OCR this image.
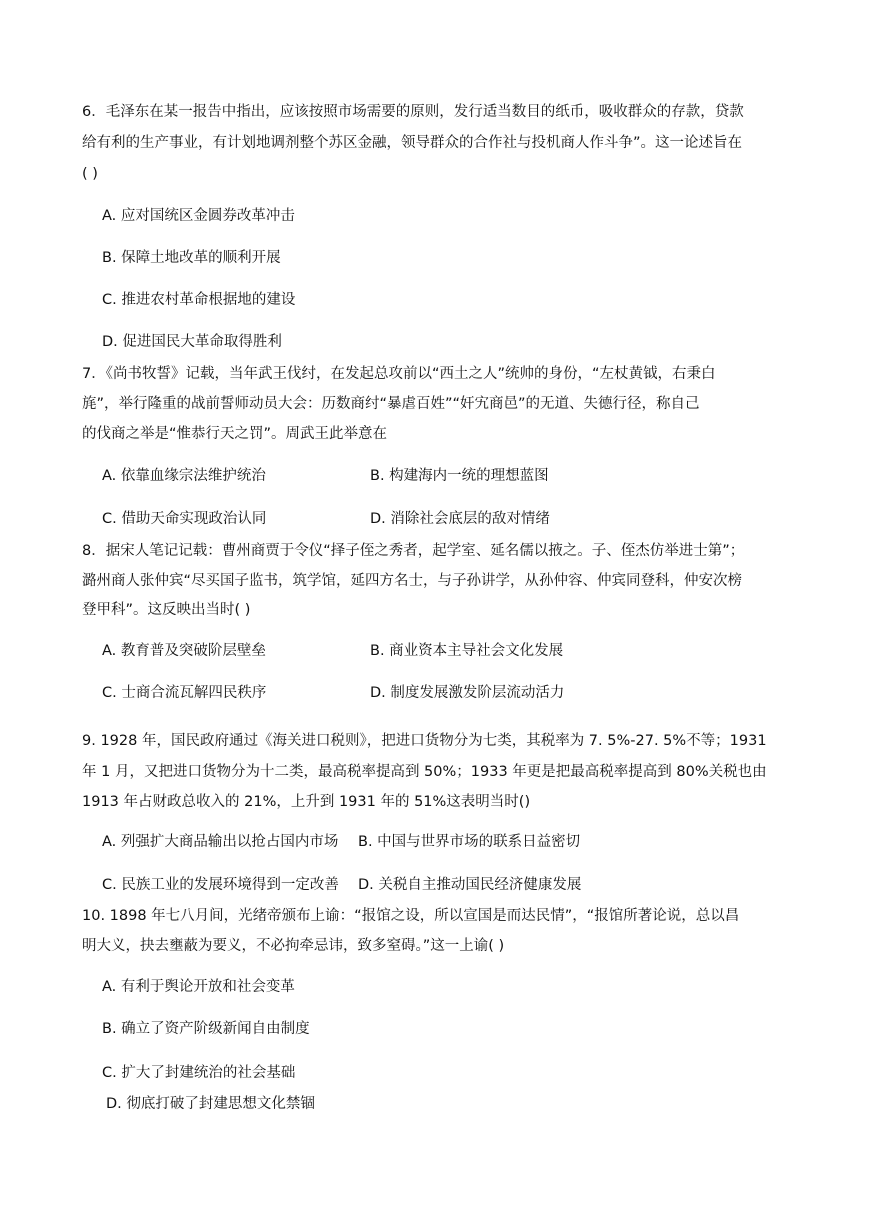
6．毛泽东在某一报告中指出，应该按照市场需要的原则，发行适当数目的纸币，吸收群众的存款，贷款
给有利的生产事业，有计划地调剂整个苏区金融，领导群众的合作社与投机商人作斗争”。这一论述旨在
( )
A. 应对国统区金圆券改革冲击
B. 保障土地改革的顺利开展
C. 推进农村革命根据地的建设
D. 促进国民大革命取得胜利
7．《尚书牧誓》记载，当年武王伐纣，在发起总攻前以“西土之人”统帅的身份，“左杖黄钺，右秉白
旄”，举行隆重的战前誓师动员大会：历数商纣“暴虐百姓”“奸宄商邑”的无道、失德行径，称自己
的伐商之举是“惟恭行天之罚”。周武王此举意在
A. 依靠血缘宗法维护统治	B. 构建海内一统的理想蓝图
C. 借助天命实现政治认同	D. 消除社会底层的敌对情绪
8．据宋人笔记记载：曹州商贾于令仪“择子侄之秀者，起学室、延名儒以掖之。子、侄杰仿举进士第”；
潞州商人张仲宾“尽买国子监书，筑学馆，延四方名士，与子孙讲学，从孙仲容、仲宾同登科，仲安次榜
登甲科”。这反映出当时( )
A. 教育普及突破阶层壁垒	B. 商业资本主导社会文化发展
C. 士商合流瓦解四民秩序	D. 制度发展激发阶层流动活力
9. 1928 年，国民政府通过《海关进口税则》，把进口货物分为七类，其税率为 7. 5%-27. 5%不等；1931
年 1 月，又把进口货物分为十二类，最高税率提高到 50%；1933 年更是把最高税率提高到 80%关税也由
1913 年占财政总收入的 21%，上升到 1931 年的 51%这表明当时()
A. 列强扩大商品输出以抢占国内市场 B. 中国与世界市场的联系日益密切
C. 民族工业的发展环境得到一定改善 D. 关税自主推动国民经济健康发展
10. 1898 年七八月间，光绪帝颁布上谕：“报馆之设，所以宣国是而达民情”，“报馆所著论说，总以昌
明大义，抉去壅蔽为要义，不必拘牵忌讳，致多窒碍。”这一上谕( )
A. 有利于舆论开放和社会变革
B. 确立了资产阶级新闻自由制度
C. 扩大了封建统治的社会基础
D. 彻底打破了封建思想文化禁锢
